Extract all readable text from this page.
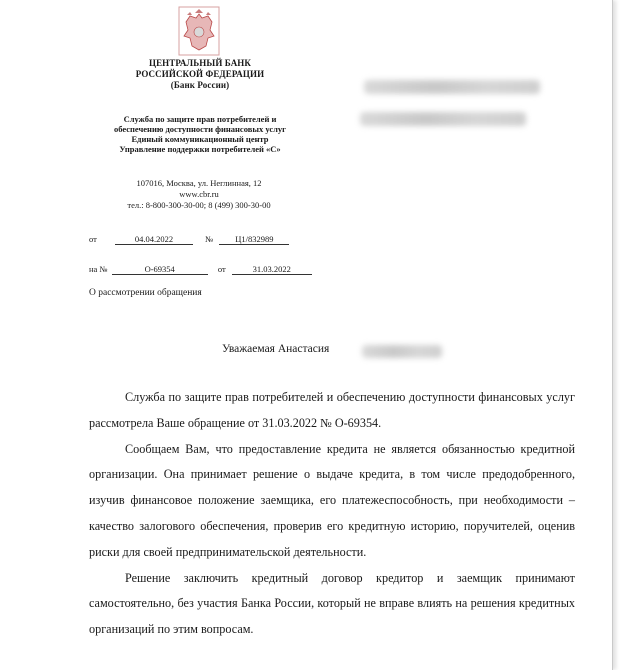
ЦЕНТРАЛЬНЫЙ БАНК
РОССИЙСКОЙ ФЕДЕРАЦИИ
(Банк России)
Служба по защите прав потребителей и
обеспечению доступности финансовых услуг
Единый коммуникационный центр
Управление поддержки потребителей «С»
107016, Москва, ул. Неглинная, 12
www.cbr.ru
тел.: 8-800-300-30-00; 8 (499) 300-30-00
от	04.04.2022	№	Ц1/832989
на №	О-69354	от	31.03.2022
О рассмотрении обращения
Уважаемая Анастасия

Служба по защите прав потребителей и обеспечению доступности финансовых услуг рассмотрела Ваше обращение от 31.03.2022 № О-69354.

Сообщаем Вам, что предоставление кредита не является обязанностью кредитной организации. Она принимает решение о выдаче кредита, в том числе предодобренного, изучив финансовое положение заемщика, его платежеспособность, при необходимости – качество залогового обеспечения, проверив его кредитную историю, поручителей, оценив риски для своей предпринимательской деятельности.

Решение заключить кредитный договор кредитор и заемщик принимают самостоятельно, без участия Банка России, который не вправе влиять на решения кредитных организаций по этим вопросам.
